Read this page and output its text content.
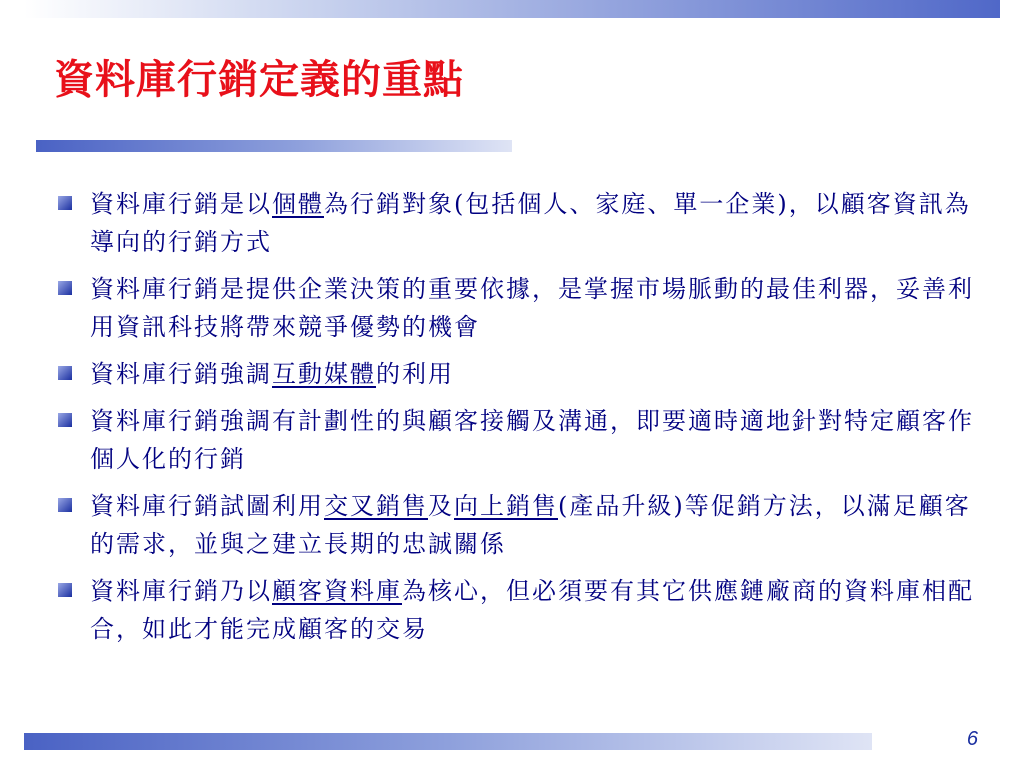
資料庫行銷定義的重點
資料庫行銷是以個體為行銷對象(包括個人、家庭、單一企業)，以顧客資訊為導向的行銷方式
資料庫行銷是提供企業決策的重要依據，是掌握市場脈動的最佳利器，妥善利用資訊科技將帶來競爭優勢的機會
資料庫行銷強調互動媒體的利用
資料庫行銷強調有計劃性的與顧客接觸及溝通，即要適時適地針對特定顧客作個人化的行銷
資料庫行銷試圖利用交叉銷售及向上銷售(產品升級)等促銷方法，以滿足顧客的需求，並與之建立長期的忠誠關係
資料庫行銷乃以顧客資料庫為核心，但必須要有其它供應鏈廠商的資料庫相配合，如此才能完成顧客的交易
6
